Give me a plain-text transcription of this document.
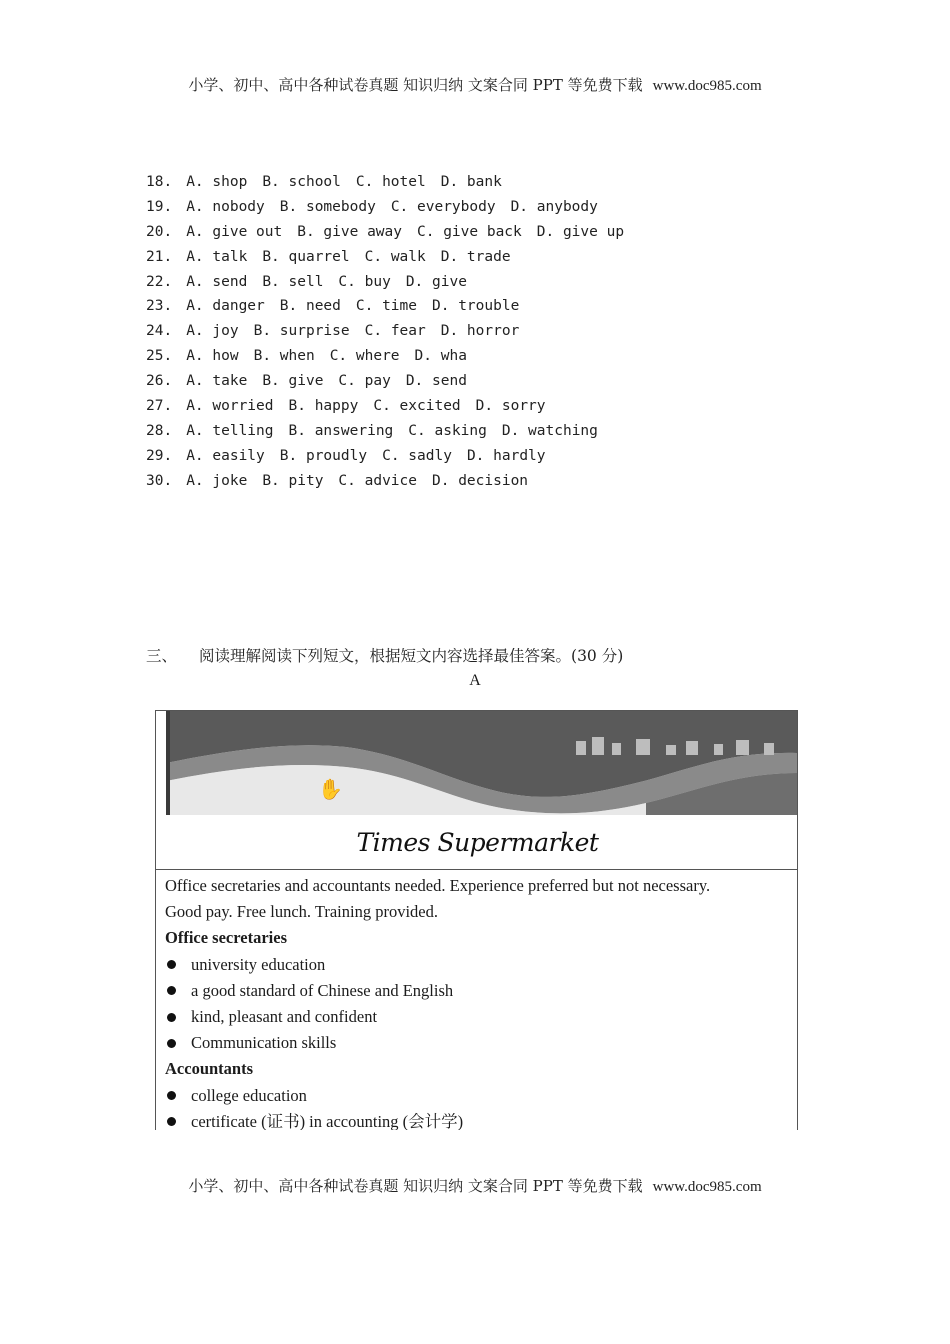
小学、初中、高中各种试卷真题 知识归纳 文案合同 PPT 等免费下载 www.doc985.com
18. A. shop B. school C. hotel D. bank
19. A. nobody B. somebody C. everybody D. anybody
20. A. give out B. give away C. give back D. give up
21. A. talk B. quarrel C. walk D. trade
22. A. send B. sell C. buy D. give
23. A. danger B. need C. time D. trouble
24. A. joy B. surprise C. fear D. horror
25. A. how B. when C. where D. wha
26. A. take B. give C. pay D. send
27. A. worried B. happy C. excited D. sorry
28. A. telling B. answering C. asking D. watching
29. A. easily B. proudly C. sadly D. hardly
30. A. joke B. pity C. advice D. decision
三、 阅读理解阅读下列短文，根据短文内容选择最佳答案。(30 分)
A
✋
Times Supermarket
Office secretaries and accountants needed. Experience preferred but not necessary.
Good pay. Free lunch. Training provided.
Office secretaries
university education
a good standard of Chinese and English
kind, pleasant and confident
Communication skills
Accountants
college education
certificate (证书) in accounting (会计学)
小学、初中、高中各种试卷真题 知识归纳 文案合同 PPT 等免费下载 www.doc985.com
